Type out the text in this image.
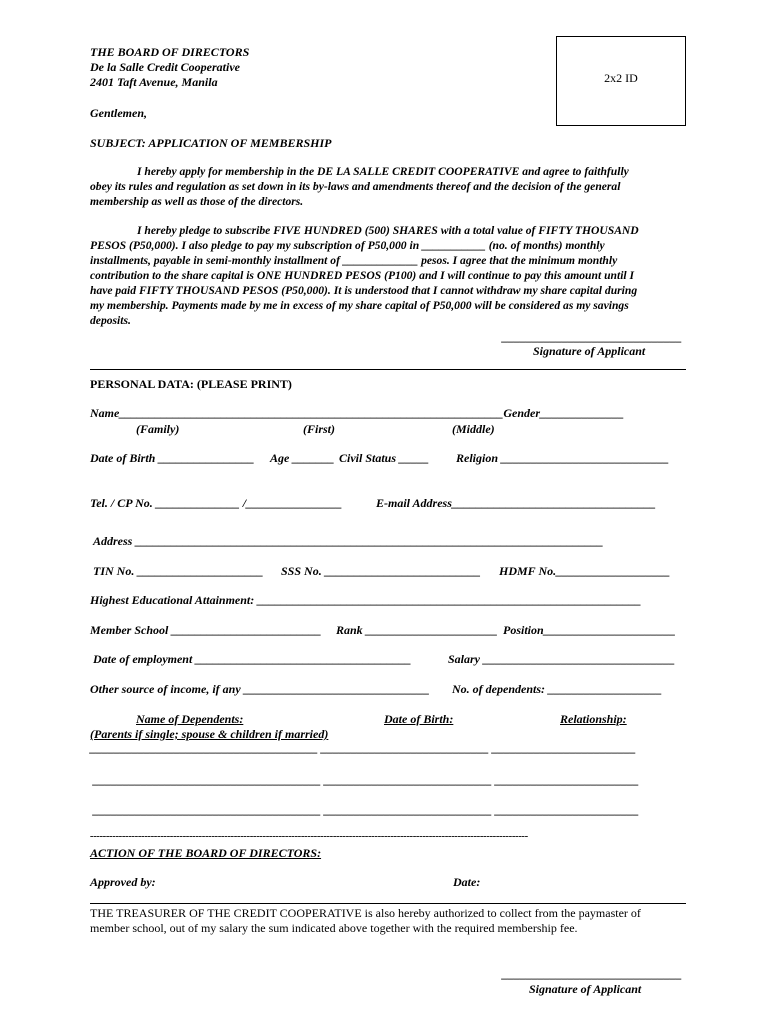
THE BOARD OF DIRECTORS
De la Salle Credit Cooperative
2401 Taft Avenue, Manila	2x2 ID
Gentlemen,
SUBJECT: APPLICATION OF MEMBERSHIP
I hereby apply for membership in the DE LA SALLE CREDIT COOPERATIVE and agree to faithfully
obey its rules and regulation as set down in its by-laws and amendments thereof and the decision of the general
membership as well as those of the directors.
I hereby pledge to subscribe FIVE HUNDRED (500) SHARES with a total value of FIFTY THOUSAND
PESOS (P50,000). I also pledge to pay my subscription of P50,000 in ___________ (no. of months) monthly
installments, payable in semi-monthly installment of _____________ pesos. I agree that the minimum monthly
contribution to the share capital is ONE HUNDRED PESOS (P100) and I will continue to pay this amount until I
have paid FIFTY THOUSAND PESOS (P50,000). It is understood that I cannot withdraw my share capital during
my membership. Payments made by me in excess of my share capital of P50,000 will be considered as my savings
deposits.
______________________________
Signature of Applicant
PERSONAL DATA: (PLEASE PRINT)
Name________________________________________________________________Gender______________
(Family)	(First)	(Middle)
Date of Birth ________________ Age _______ Civil Status _____ Religion ____________________________
Tel. / CP No. ______________ /________________	E-mail Address__________________________________
Address ______________________________________________________________________________
TIN No. _____________________ SSS No. __________________________ HDMF No.___________________
Highest Educational Attainment: ________________________________________________________________
Member School _________________________ Rank ______________________ Position______________________
Date of employment ____________________________________	Salary ________________________________
Other source of income, if any _______________________________ No. of dependents: ___________________
Name of Dependents:	Date of Birth:	Relationship:
(Parents if single; spouse & children if married)
______________________________________ ____________________________ ________________________
______________________________________ ____________________________ ________________________
______________________________________ ____________________________ ________________________
-----------------------------------------------------------------------------------------------------------------------------------------
ACTION OF THE BOARD OF DIRECTORS:
Approved by:	Date:
THE TREASURER OF THE CREDIT COOPERATIVE is also hereby authorized to collect from the paymaster of
member school, out of my salary the sum indicated above together with the required membership fee.
______________________________
Signature of Applicant
